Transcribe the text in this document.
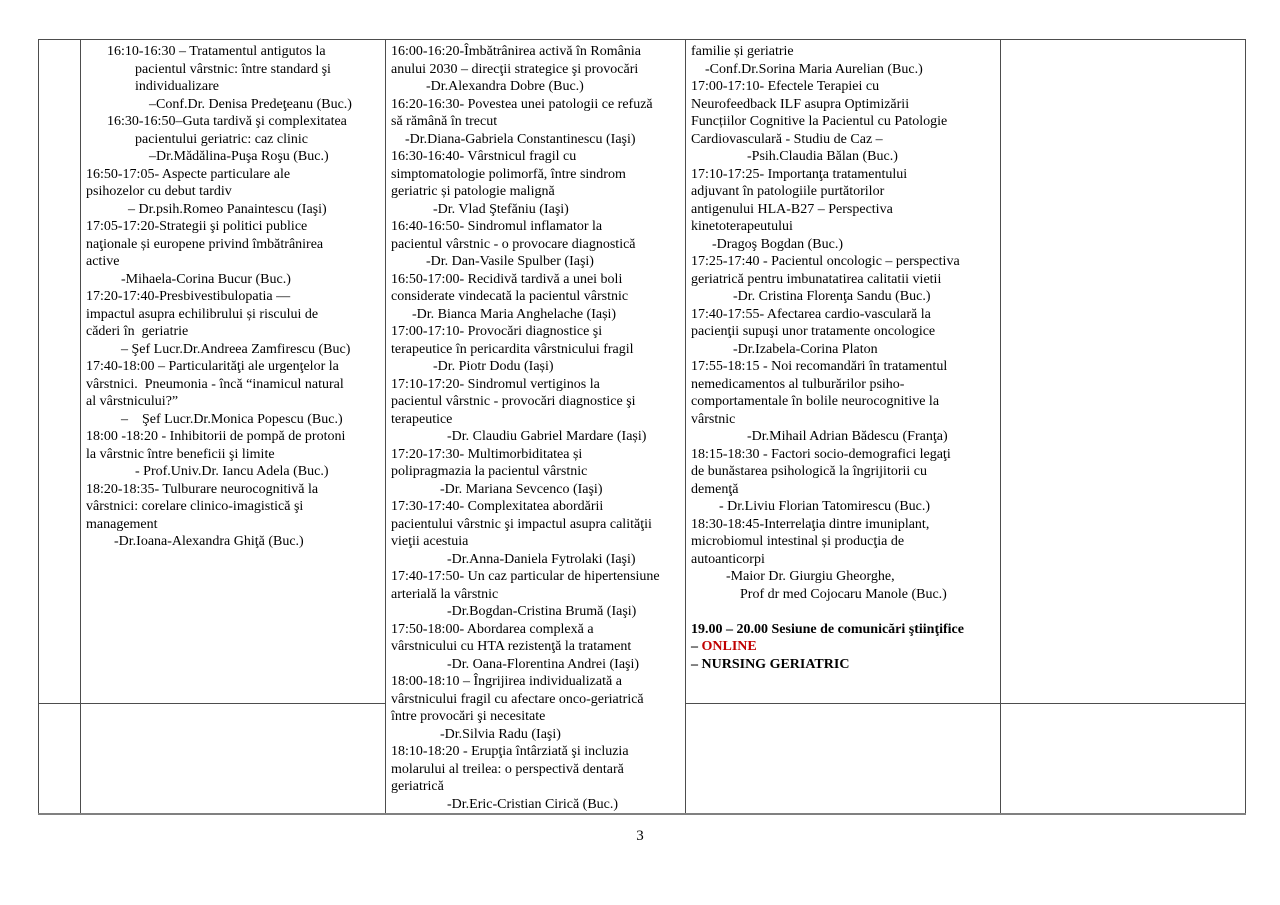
16:10-16:30 – Tratamentul antigutos la
pacientul vârstnic: între standard şi
individualizare
–Conf.Dr. Denisa Predeţeanu (Buc.)
16:30-16:50–Guta tardivă şi complexitatea
pacientului geriatric: caz clinic
–Dr.Mădălina-Puşa Roşu (Buc.)
16:50-17:05- Aspecte particulare ale
psihozelor cu debut tardiv
– Dr.psih.Romeo Panaintescu (Iaşi)
17:05-17:20-Strategii şi politici publice
naţionale și europene privind îmbătrânirea
active
-Mihaela-Corina Bucur (Buc.)
17:20-17:40-Presbivestibulopatia —
impactul asupra echilibrului și riscului de
căderi în  geriatrie
– Şef Lucr.Dr.Andreea Zamfirescu (Buc)
17:40-18:00 – Particularităţi ale urgenţelor la
vârstnici.  Pneumonia - încă “inamicul natural
al vârstnicului?”
–    Şef Lucr.Dr.Monica Popescu (Buc.)
18:00 -18:20 - Inhibitorii de pompă de protoni
la vârstnic între beneficii şi limite
- Prof.Univ.Dr. Iancu Adela (Buc.)
18:20-18:35- Tulburare neurocognitivă la
vârstnici: corelare clinico-imagistică şi
management
-Dr.Ioana-Alexandra Ghiţă (Buc.)

16:00-16:20-Îmbătrânirea activă în România
anului 2030 – direcţii strategice şi provocări
-Dr.Alexandra Dobre (Buc.)
16:20-16:30- Povestea unei patologii ce refuză
să rămână în trecut
-Dr.Diana-Gabriela Constantinescu (Iaşi)
16:30-16:40- Vârstnicul fragil cu
simptomatologie polimorfă, între sindrom
geriatric și patologie malignă
-Dr. Vlad Ştefăniu (Iaşi)
16:40-16:50- Sindromul inflamator la
pacientul vârstnic - o provocare diagnostică
-Dr. Dan-Vasile Spulber (Iaşi)
16:50-17:00- Recidivă tardivă a unei boli
considerate vindecată la pacientul vârstnic
-Dr. Bianca Maria Anghelache (Iași)
17:00-17:10- Provocări diagnostice şi
terapeutice în pericardita vârstnicului fragil
-Dr. Piotr Dodu (Iași)
17:10-17:20- Sindromul vertiginos la
pacientul vârstnic - provocări diagnostice şi
terapeutice
-Dr. Claudiu Gabriel Mardare (Iași)
17:20-17:30- Multimorbiditatea și
polipragmazia la pacientul vârstnic
-Dr. Mariana Sevcenco (Iaşi)
17:30-17:40- Complexitatea abordării
pacientului vârstnic şi impactul asupra calităţii
vieţii acestuia
-Dr.Anna-Daniela Fytrolaki (Iaşi)
17:40-17:50- Un caz particular de hipertensiune
arterială la vârstnic
-Dr.Bogdan-Cristina Brumă (Iaşi)
17:50-18:00- Abordarea complexă a
vârstnicului cu HTA rezistenţă la tratament
-Dr. Oana-Florentina Andrei (Iaşi)
18:00-18:10 – Îngrijirea individualizată a
vârstnicului fragil cu afectare onco-geriatrică
între provocări şi necesitate
-Dr.Silvia Radu (Iaşi)
18:10-18:20 - Erupţia întârziată şi incluzia
molarului al treilea: o perspectivă dentară
geriatrică
-Dr.Eric-Cristian Cirică (Buc.)

familie și geriatrie
-Conf.Dr.Sorina Maria Aurelian (Buc.)
17:00-17:10- Efectele Terapiei cu
Neurofeedback ILF asupra Optimizării
Funcțiilor Cognitive la Pacientul cu Patologie
Cardiovasculară - Studiu de Caz –
-Psih.Claudia Bălan (Buc.)
17:10-17:25- Importanţa tratamentului
adjuvant în patologiile purtătorilor
antigenului HLA-B27 – Perspectiva
kinetoterapeutului
-Dragoş Bogdan (Buc.)
17:25-17:40 - Pacientul oncologic – perspectiva
geriatrică pentru imbunatatirea calitatii vietii
-Dr. Cristina Florenţa Sandu (Buc.)
17:40-17:55- Afectarea cardio-vasculară la
pacienţii supuşi unor tratamente oncologice
-Dr.Izabela-Corina Platon
17:55-18:15 - Noi recomandări în tratamentul
nemedicamentos al tulburărilor psiho-
comportamentale în bolile neurocognitive la
vârstnic
-Dr.Mihail Adrian Bădescu (Franţa)
18:15-18:30 - Factori socio-demografici legaţi
de bunăstarea psihologică la îngrijitorii cu
demenţă
- Dr.Liviu Florian Tatomirescu (Buc.)
18:30-18:45-Interrelaţia dintre imuniplant,
microbiomul intestinal și producţia de
autoanticorpi
-Maior Dr. Giurgiu Gheorghe,
Prof dr med Cojocaru Manole (Buc.)

19.00 – 20.00 Sesiune de comunicări ştiinţifice
– ONLINE
– NURSING GERIATRIC

3
